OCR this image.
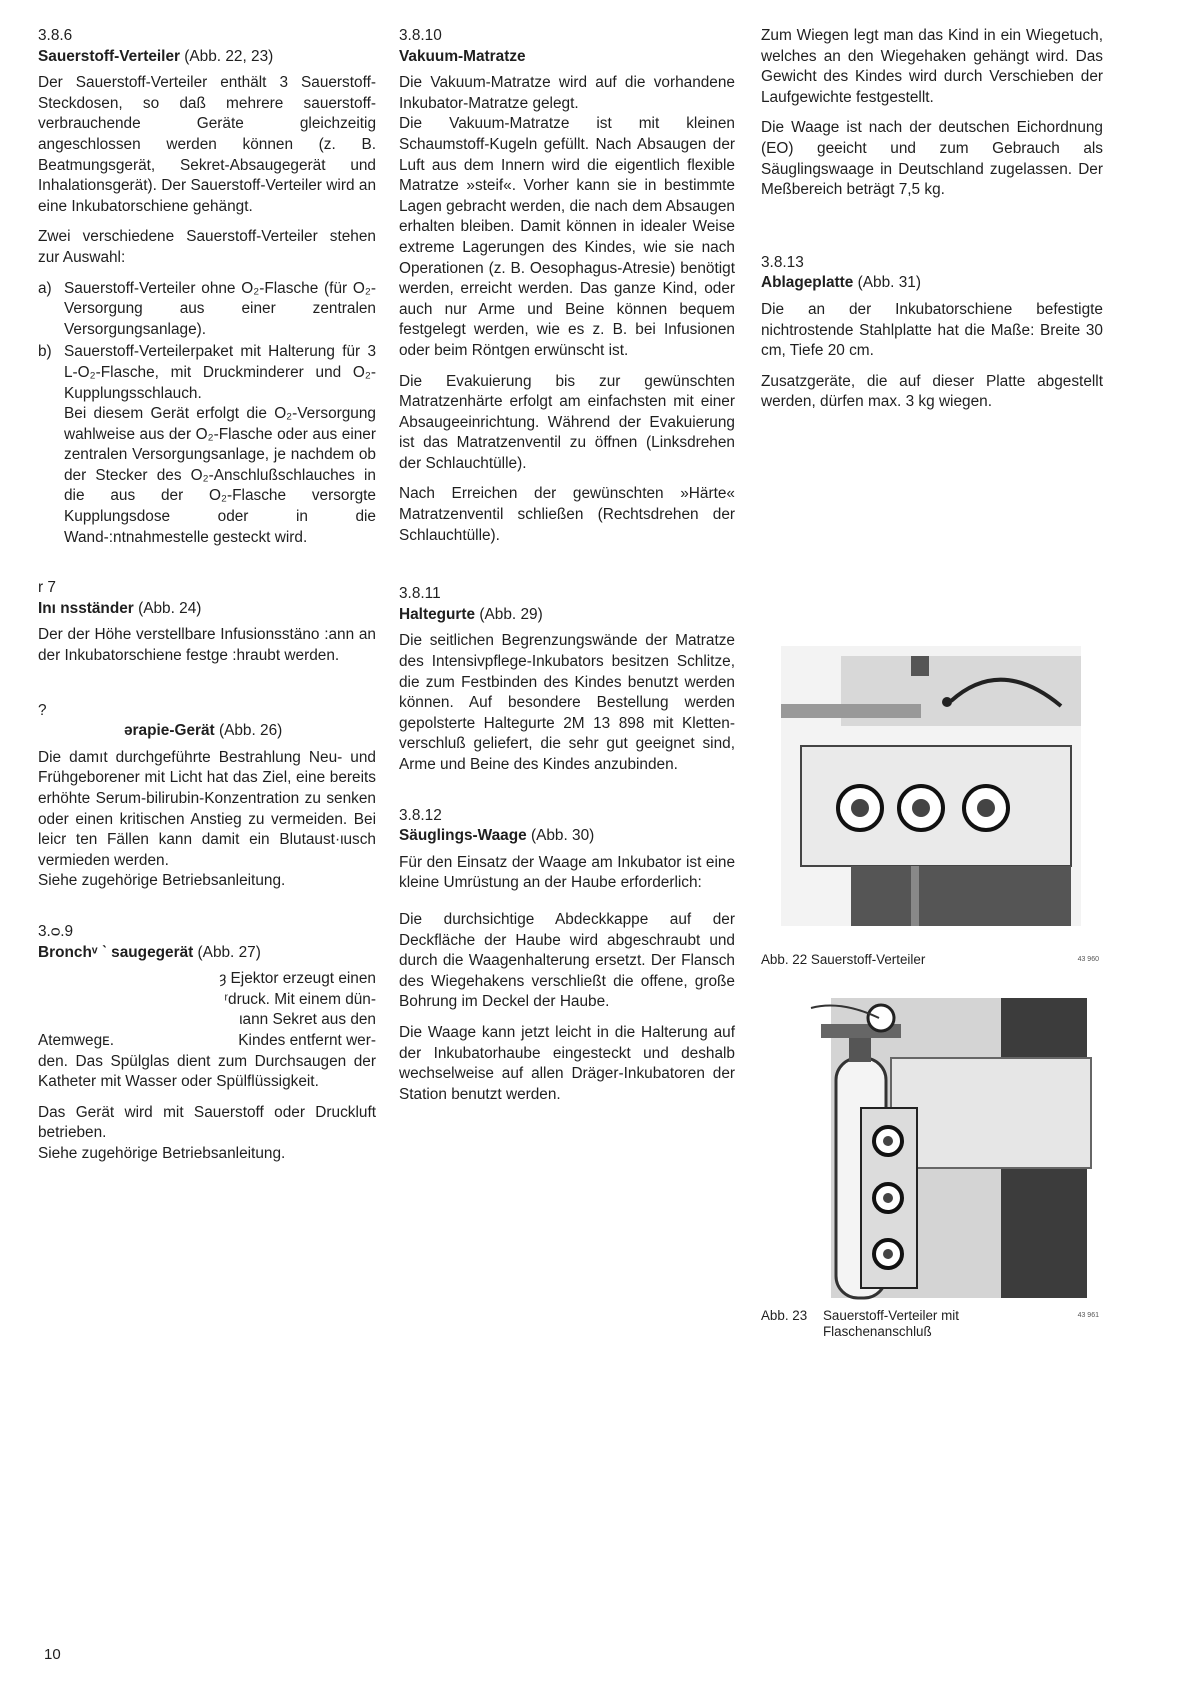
3.8.6
Sauerstoff-Verteiler (Abb. 22, 23)

Der Sauerstoff-Verteiler enthält 3 Sauerstoff-Steckdosen, so daß mehrere sauerstoff-verbrauchende Geräte gleichzeitig angeschlossen werden können (z. B. Beatmungsgerät, Sekret-Absaugegerät und Inhalationsgerät). Der Sauerstoff-Verteiler wird an eine Inkubatorschiene gehängt.

Zwei verschiedene Sauerstoff-Verteiler stehen zur Auswahl:

a) Sauerstoff-Verteiler ohne O₂-Flasche (für O₂-Versorgung aus einer zentralen Versorgungsanlage).
b) Sauerstoff-Verteilerpaket mit Halterung für 3 L-O₂-Flasche, mit Druckminderer und O₂-Kupplungsschlauch.

Bei diesem Gerät erfolgt die O₂-Versorgung wahlweise aus der O₂-Flasche oder aus einer zentralen Versorgungsanlage, je nachdem ob der Stecker des O₂-Anschlußschlauches in die aus der O₂-Flasche versorgte Kupplungsdose oder in die Wand-:ntnahmestelle gesteckt wird.

r 7
Inı nsständer (Abb. 24)

Der der Höhe verstellbare Infusionsstäno :ann an der Inkubatorschiene festge :hraubt werden.

?
ərapie-Gerät (Abb. 26)

Die damıt durchgeführte Bestrahlung Neu- und Frühgeborener mit Licht hat das Ziel, eine bereits erhöhte Serum-bilirubin-Konzentration zu senken oder einen kritischen Anstieg zu vermeiden. Bei leicr ten Fällen kann damit ein Blutaust·ιusch vermieden werden.

Siehe zugehörige Betriebsanleitung.

3.ᴑ.9
Bronchᵛ ˋ saugegerät (Abb. 27)
ȝ Ejektor erzeugt einen
ʳdruck. Mit einem dün-
ιann Sekret aus den
Atemwegᴇ.	Kindes entfernt wer-

den. Das Spülglas dient zum Durchsaugen der Katheter mit Wasser oder Spülflüssigkeit.

Das Gerät wird mit Sauerstoff oder Druckluft betrieben.

Siehe zugehörige Betriebsanleitung.

3.8.10
Vakuum-Matratze

Die Vakuum-Matratze wird auf die vorhandene Inkubator-Matratze gelegt.

Die Vakuum-Matratze ist mit kleinen Schaumstoff-Kugeln gefüllt. Nach Absaugen der Luft aus dem Innern wird die eigentlich flexible Matratze »steif«. Vorher kann sie in bestimmte Lagen gebracht werden, die nach dem Absaugen erhalten bleiben. Damit können in idealer Weise extreme Lagerungen des Kindes, wie sie nach Operationen (z. B. Oesophagus-Atresie) benötigt werden, erreicht werden. Das ganze Kind, oder auch nur Arme und Beine können bequem festgelegt werden, wie es z. B. bei Infusionen oder beim Röntgen erwünscht ist.

Die Evakuierung bis zur gewünschten Matratzenhärte erfolgt am einfachsten mit einer Absaugeeinrichtung. Während der Evakuierung ist das Matratzenventil zu öffnen (Linksdrehen der Schlauchtülle).

Nach Erreichen der gewünschten »Härte« Matratzenventil schließen (Rechtsdrehen der Schlauchtülle).

3.8.11
Haltegurte (Abb. 29)

Die seitlichen Begrenzungswände der Matratze des Intensivpflege-Inkubators besitzen Schlitze, die zum Festbinden des Kindes benutzt werden können. Auf besondere Bestellung werden gepolsterte Haltegurte 2M 13 898 mit Kletten-verschluß geliefert, die sehr gut geeignet sind, Arme und Beine des Kindes anzubinden.

3.8.12
Säuglings-Waage (Abb. 30)

Für den Einsatz der Waage am Inkubator ist eine kleine Umrüstung an der Haube erforderlich:

Die durchsichtige Abdeckkappe auf der Deckfläche der Haube wird abgeschraubt und durch die Waagenhalterung ersetzt. Der Flansch des Wiegehakens verschließt die offene, große Bohrung im Deckel der Haube.

Die Waage kann jetzt leicht in die Halterung auf der Inkubatorhaube eingesteckt und deshalb wechselweise auf allen Dräger-Inkubatoren der Station benutzt werden.

Zum Wiegen legt man das Kind in ein Wiegetuch, welches an den Wiegehaken gehängt wird. Das Gewicht des Kindes wird durch Verschieben der Laufgewichte festgestellt.

Die Waage ist nach der deutschen Eichordnung (EO) geeicht und zum Gebrauch als Säuglingswaage in Deutschland zugelassen. Der Meßbereich beträgt 7,5 kg.

3.8.13
Ablageplatte (Abb. 31)

Die an der Inkubatorschiene befestigte nichtrostende Stahlplatte hat die Maße: Breite 30 cm, Tiefe 20 cm.

Zusatzgeräte, die auf dieser Platte abgestellt werden, dürfen max. 3 kg wiegen.

Abb. 22 Sauerstoff-Verteiler	43 960
Abb. 23	Sauerstoff-Verteiler mit
Flaschenanschluß
43 961
10
